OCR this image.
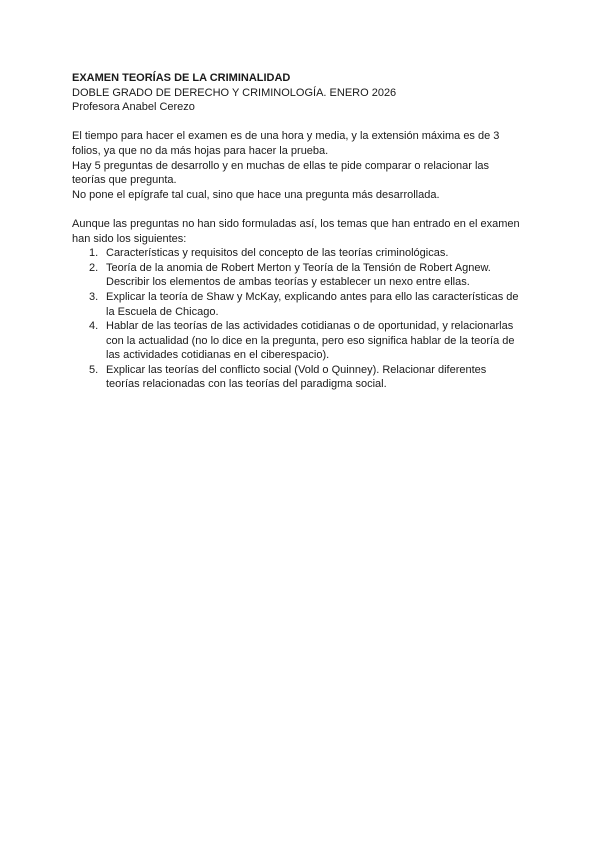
EXAMEN TEORÍAS DE LA CRIMINALIDAD

DOBLE GRADO DE DERECHO Y CRIMINOLOGÍA. ENERO 2026

Profesora Anabel Cerezo

El tiempo para hacer el examen es de una hora y media, y la extensión máxima es de 3 folios, ya que no da más hojas para hacer la prueba.

Hay 5 preguntas de desarrollo y en muchas de ellas te pide comparar o relacionar las teorías que pregunta.

No pone el epígrafe tal cual, sino que hace una pregunta más desarrollada.

Aunque las preguntas no han sido formuladas así, los temas que han entrado en el examen han sido los siguientes:

1. Características y requisitos del concepto de las teorías criminológicas.
2. Teoría de la anomia de Robert Merton y Teoría de la Tensión de Robert Agnew. Describir los elementos de ambas teorías y establecer un nexo entre ellas.
3. Explicar la teoría de Shaw y McKay, explicando antes para ello las características de la Escuela de Chicago.
4. Hablar de las teorías de las actividades cotidianas o de oportunidad, y relacionarlas con la actualidad (no lo dice en la pregunta, pero eso significa hablar de la teoría de las actividades cotidianas en el ciberespacio).
5. Explicar las teorías del conflicto social (Vold o Quinney). Relacionar diferentes teorías relacionadas con las teorías del paradigma social.
